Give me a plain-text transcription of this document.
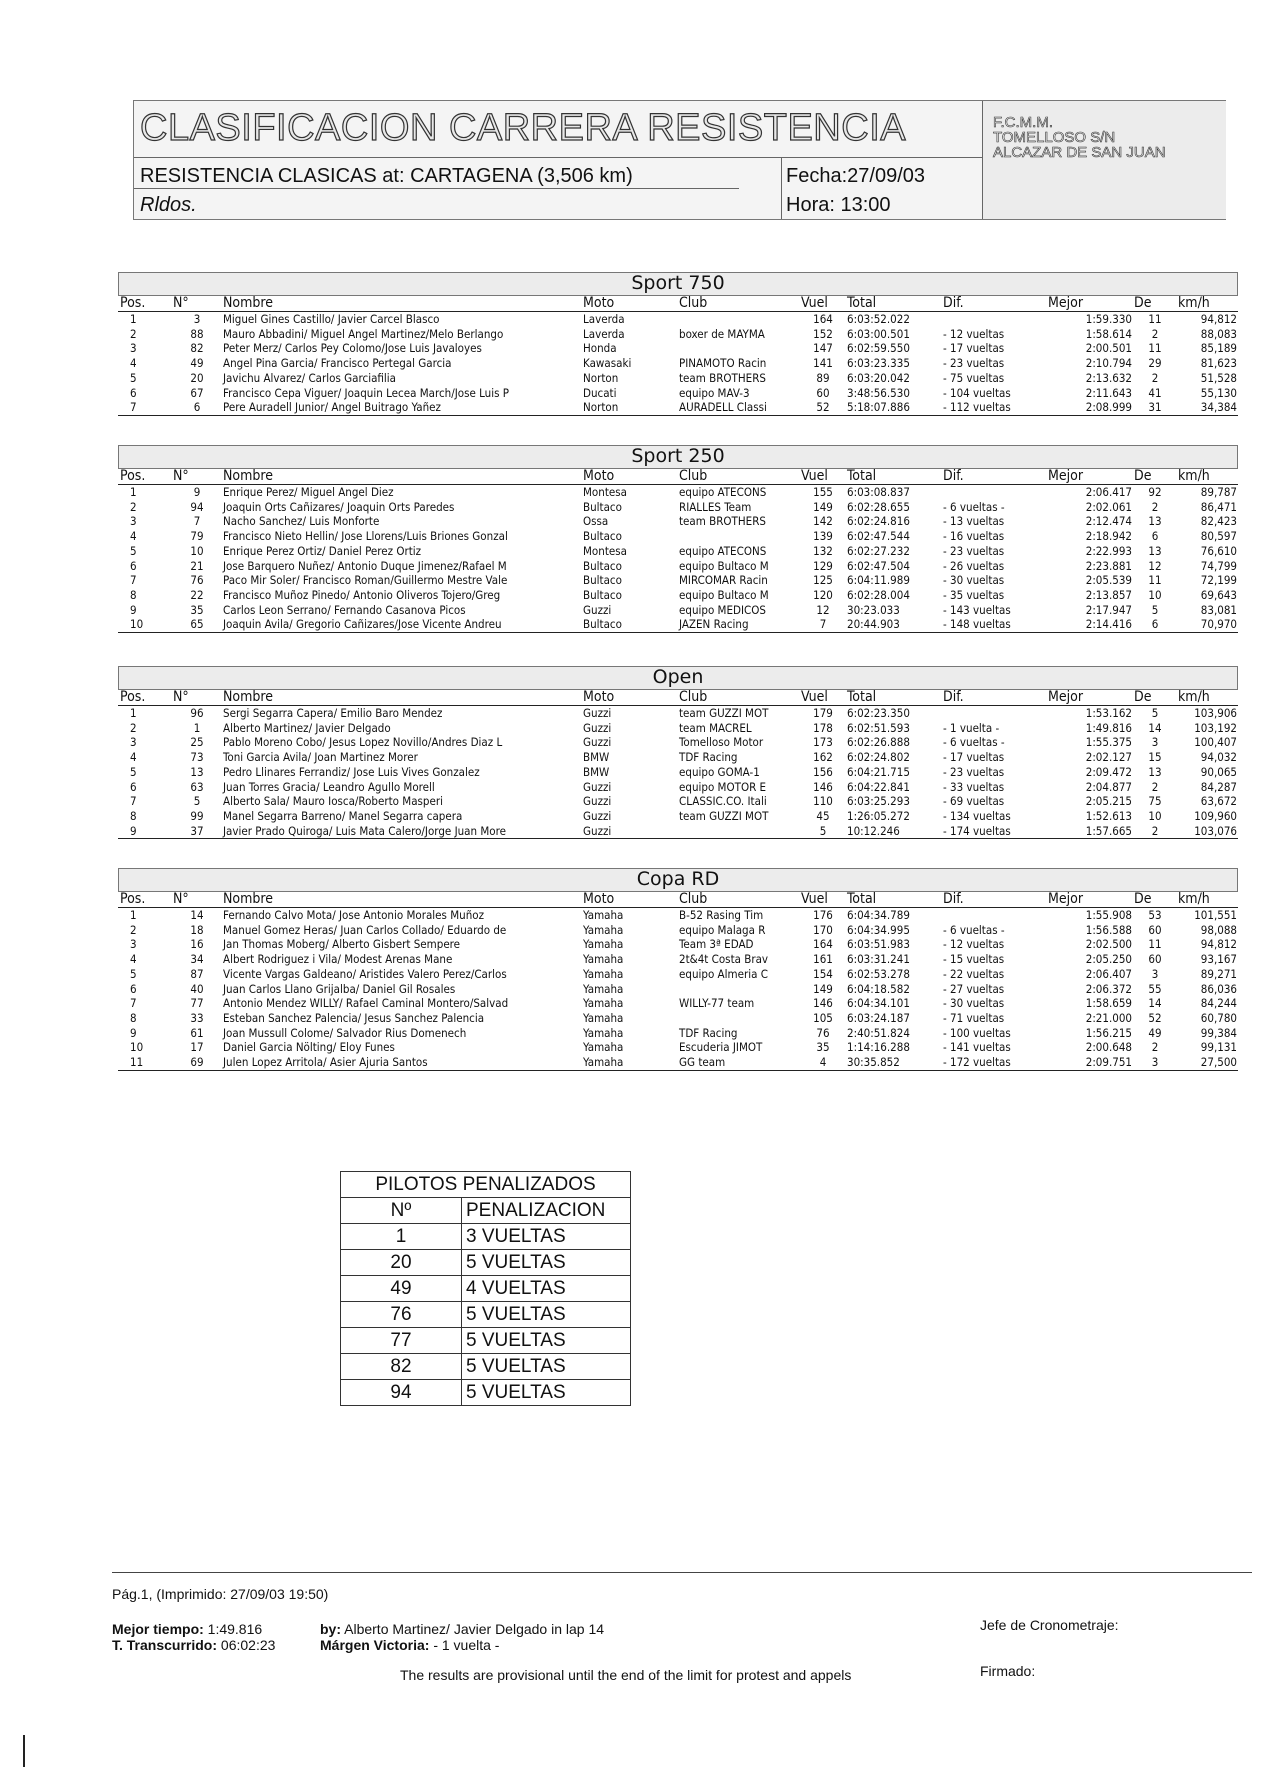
CLASIFICACION CARRERA RESISTENCIA
RESISTENCIA CLASICAS at: CARTAGENA (3,506 km)
Rldos.
Fecha:27/09/03
Hora: 13:00
F.C.M.M.
TOMELLOSO S/N
ALCAZAR DE SAN JUAN
Sport 750
Pos.	N°	Nombre	Moto	Club	Vuel	Total	Dif.	Mejor	De	km/h
1	3	Miguel Gines Castillo/ Javier Carcel Blasco	Laverda		164	6:03:52.022		1:59.330	11	94,812
2	88	Mauro Abbadini/ Miguel Angel Martinez/Melo Berlango	Laverda	boxer de MAYMA	152	6:03:00.501	- 12 vueltas	1:58.614	2	88,083
3	82	Peter Merz/ Carlos Pey Colomo/Jose Luis Javaloyes	Honda		147	6:02:59.550	- 17 vueltas	2:00.501	11	85,189
4	49	Angel Pina Garcia/ Francisco Pertegal Garcia	Kawasaki	PINAMOTO Racin	141	6:03:23.335	- 23 vueltas	2:10.794	29	81,623
5	20	Javichu Alvarez/ Carlos Garciafilia	Norton	team BROTHERS	89	6:03:20.042	- 75 vueltas	2:13.632	2	51,528
6	67	Francisco Cepa Viguer/ Joaquin Lecea March/Jose Luis P	Ducati	equipo MAV-3	60	3:48:56.530	- 104 vueltas	2:11.643	41	55,130
7	6	Pere Auradell Junior/ Angel Buitrago Yañez	Norton	AURADELL Classi	52	5:18:07.886	- 112 vueltas	2:08.999	31	34,384
Sport 250
Pos.	N°	Nombre	Moto	Club	Vuel	Total	Dif.	Mejor	De	km/h
1	9	Enrique Perez/ Miguel Angel Diez	Montesa	equipo ATECONS	155	6:03:08.837		2:06.417	92	89,787
2	94	Joaquin Orts Cañizares/ Joaquin Orts Paredes	Bultaco	RIALLES Team	149	6:02:28.655	- 6 vueltas -	2:02.061	2	86,471
3	7	Nacho Sanchez/ Luis Monforte	Ossa	team BROTHERS	142	6:02:24.816	- 13 vueltas	2:12.474	13	82,423
4	79	Francisco Nieto Hellin/ Jose Llorens/Luis Briones Gonzal	Bultaco		139	6:02:47.544	- 16 vueltas	2:18.942	6	80,597
5	10	Enrique Perez Ortiz/ Daniel Perez Ortiz	Montesa	equipo ATECONS	132	6:02:27.232	- 23 vueltas	2:22.993	13	76,610
6	21	Jose Barquero Nuñez/ Antonio Duque Jimenez/Rafael M	Bultaco	equipo Bultaco M	129	6:02:47.504	- 26 vueltas	2:23.881	12	74,799
7	76	Paco Mir Soler/ Francisco Roman/Guillermo Mestre Vale	Bultaco	MIRCOMAR Racin	125	6:04:11.989	- 30 vueltas	2:05.539	11	72,199
8	22	Francisco Muñoz Pinedo/ Antonio Oliveros Tojero/Greg	Bultaco	equipo Bultaco M	120	6:02:28.004	- 35 vueltas	2:13.857	10	69,643
9	35	Carlos Leon Serrano/ Fernando Casanova Picos	Guzzi	equipo MEDICOS	12	30:23.033	- 143 vueltas	2:17.947	5	83,081
10	65	Joaquin Avila/ Gregorio Cañizares/Jose Vicente Andreu	Bultaco	JAZEN Racing	7	20:44.903	- 148 vueltas	2:14.416	6	70,970
Open
Pos.	N°	Nombre	Moto	Club	Vuel	Total	Dif.	Mejor	De	km/h
1	96	Sergi Segarra Capera/ Emilio Baro Mendez	Guzzi	team GUZZI MOT	179	6:02:23.350		1:53.162	5	103,906
2	1	Alberto Martinez/ Javier Delgado	Guzzi	team MACREL	178	6:02:51.593	- 1 vuelta -	1:49.816	14	103,192
3	25	Pablo Moreno Cobo/ Jesus Lopez Novillo/Andres Diaz L	Guzzi	Tomelloso Motor	173	6:02:26.888	- 6 vueltas -	1:55.375	3	100,407
4	73	Toni Garcia Avila/ Joan Martinez Morer	BMW	TDF Racing	162	6:02:24.802	- 17 vueltas	2:02.127	15	94,032
5	13	Pedro Llinares Ferrandiz/ Jose Luis Vives Gonzalez	BMW	equipo GOMA-1	156	6:04:21.715	- 23 vueltas	2:09.472	13	90,065
6	63	Juan Torres Gracia/ Leandro Agullo Morell	Guzzi	equipo MOTOR E	146	6:04:22.841	- 33 vueltas	2:04.877	2	84,287
7	5	Alberto Sala/ Mauro Iosca/Roberto Masperi	Guzzi	CLASSIC.CO. Itali	110	6:03:25.293	- 69 vueltas	2:05.215	75	63,672
8	99	Manel Segarra Barreno/ Manel Segarra capera	Guzzi	team GUZZI MOT	45	1:26:05.272	- 134 vueltas	1:52.613	10	109,960
9	37	Javier Prado Quiroga/ Luis Mata Calero/Jorge Juan More	Guzzi		5	10:12.246	- 174 vueltas	1:57.665	2	103,076
Copa RD
Pos.	N°	Nombre	Moto	Club	Vuel	Total	Dif.	Mejor	De	km/h
1	14	Fernando Calvo Mota/ Jose Antonio Morales Muñoz	Yamaha	B-52 Rasing Tim	176	6:04:34.789		1:55.908	53	101,551
2	18	Manuel Gomez Heras/ Juan Carlos Collado/ Eduardo de	Yamaha	equipo Malaga R	170	6:04:34.995	- 6 vueltas -	1:56.588	60	98,088
3	16	Jan Thomas Moberg/ Alberto Gisbert Sempere	Yamaha	Team 3ª EDAD	164	6:03:51.983	- 12 vueltas	2:02.500	11	94,812
4	34	Albert Rodriguez i Vila/ Modest Arenas Mane	Yamaha	2t&4t Costa Brav	161	6:03:31.241	- 15 vueltas	2:05.250	60	93,167
5	87	Vicente Vargas Galdeano/ Aristides Valero Perez/Carlos	Yamaha	equipo Almeria C	154	6:02:53.278	- 22 vueltas	2:06.407	3	89,271
6	40	Juan Carlos Llano Grijalba/ Daniel Gil Rosales	Yamaha		149	6:04:18.582	- 27 vueltas	2:06.372	55	86,036
7	77	Antonio Mendez WILLY/ Rafael Caminal Montero/Salvad	Yamaha	WILLY-77 team	146	6:04:34.101	- 30 vueltas	1:58.659	14	84,244
8	33	Esteban Sanchez Palencia/ Jesus Sanchez Palencia	Yamaha		105	6:03:24.187	- 71 vueltas	2:21.000	52	60,780
9	61	Joan Mussull Colome/ Salvador Rius Domenech	Yamaha	TDF Racing	76	2:40:51.824	- 100 vueltas	1:56.215	49	99,384
10	17	Daniel Garcia Nölting/ Eloy Funes	Yamaha	Escuderia JIMOT	35	1:14:16.288	- 141 vueltas	2:00.648	2	99,131
11	69	Julen Lopez Arritola/ Asier Ajuria Santos	Yamaha	GG team	4	30:35.852	- 172 vueltas	2:09.751	3	27,500
PILOTOS PENALIZADOS	
Nº	PENALIZACION
1	3 VUELTAS
20	5 VUELTAS
49	4 VUELTAS
76	5 VUELTAS
77	5 VUELTAS
82	5 VUELTAS
94	5 VUELTAS
Pág.1, (Imprimido: 27/09/03 19:50)
Mejor tiempo: 1:49.816	by: Alberto Martinez/ Javier Delgado in lap 14
T. Transcurrido: 06:02:23	Márgen Victoria: - 1 vuelta -
Jefe de Cronometraje:
Firmado:
The results are provisional until the end of the limit for protest and appels
